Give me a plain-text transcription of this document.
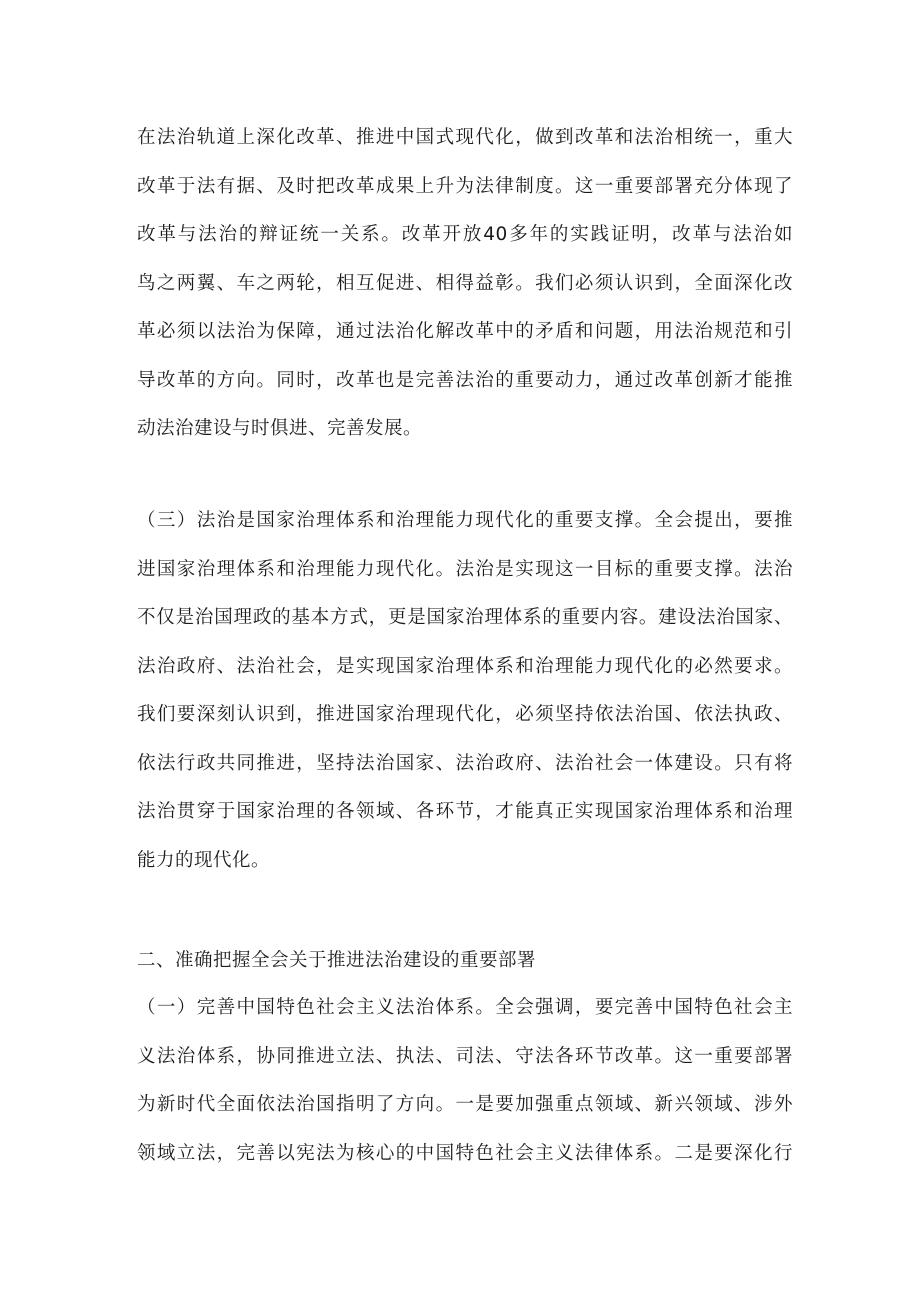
在法治轨道上深化改革、推进中国式现代化，做到改革和法治相统一，重大
改革于法有据、及时把改革成果上升为法律制度。这一重要部署充分体现了
改革与法治的辩证统一关系。改革开放40多年的实践证明，改革与法治如
鸟之两翼、车之两轮，相互促进、相得益彰。我们必须认识到，全面深化改
革必须以法治为保障，通过法治化解改革中的矛盾和问题，用法治规范和引
导改革的方向。同时，改革也是完善法治的重要动力，通过改革创新才能推
动法治建设与时俱进、完善发展。
（三）法治是国家治理体系和治理能力现代化的重要支撑。全会提出，要推
进国家治理体系和治理能力现代化。法治是实现这一目标的重要支撑。法治
不仅是治国理政的基本方式，更是国家治理体系的重要内容。建设法治国家、
法治政府、法治社会，是实现国家治理体系和治理能力现代化的必然要求。
我们要深刻认识到，推进国家治理现代化，必须坚持依法治国、依法执政、
依法行政共同推进，坚持法治国家、法治政府、法治社会一体建设。只有将
法治贯穿于国家治理的各领域、各环节，才能真正实现国家治理体系和治理
能力的现代化。
二、准确把握全会关于推进法治建设的重要部署
（一）完善中国特色社会主义法治体系。全会强调，要完善中国特色社会主
义法治体系，协同推进立法、执法、司法、守法各环节改革。这一重要部署
为新时代全面依法治国指明了方向。一是要加强重点领域、新兴领域、涉外
领域立法，完善以宪法为核心的中国特色社会主义法律体系。二是要深化行
